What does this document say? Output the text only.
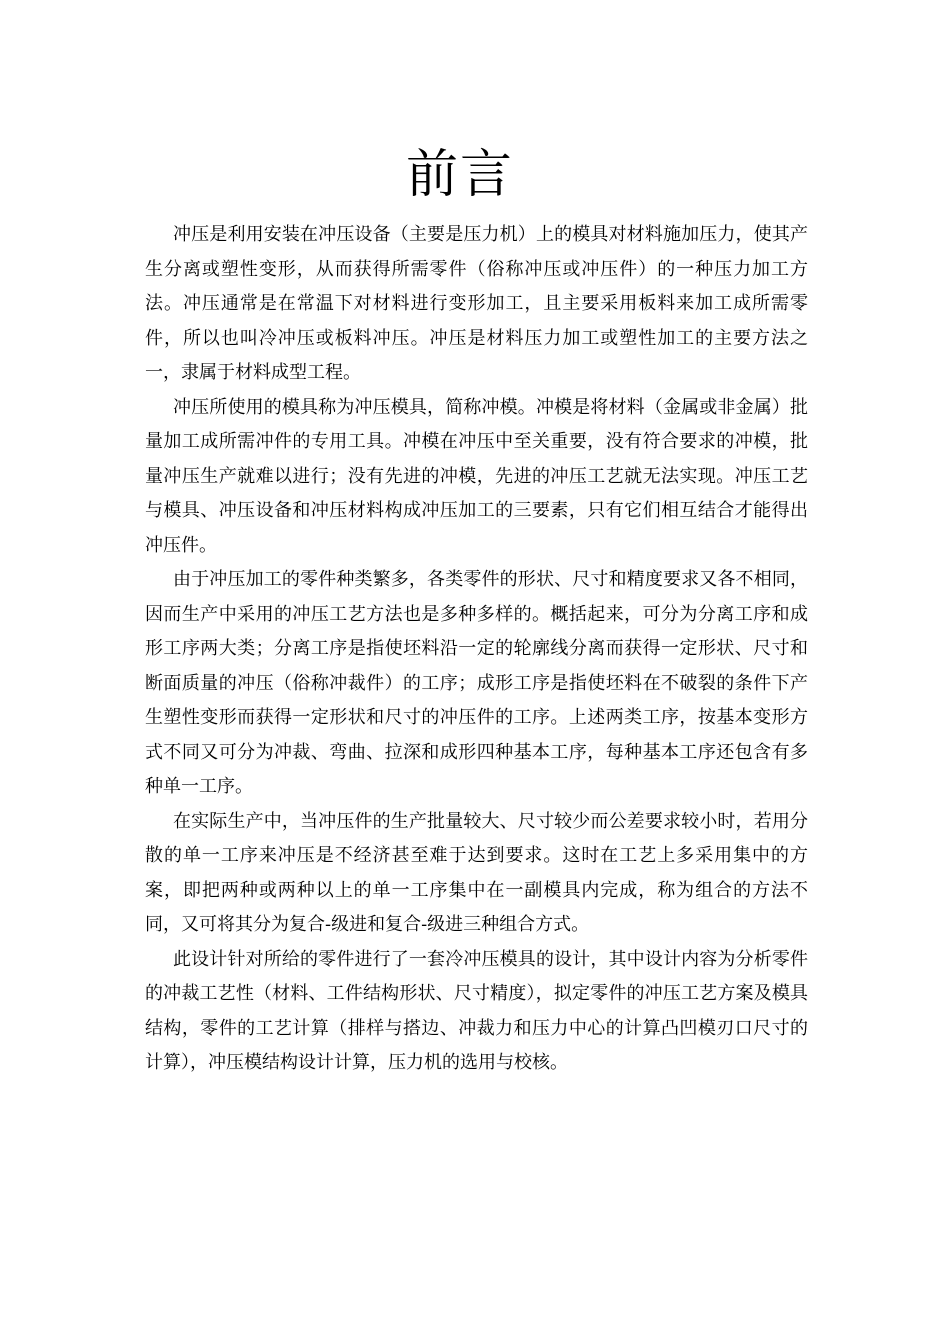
前言

冲压是利用安装在冲压设备（主要是压力机）上的模具对材料施加压力，使其产生分离或塑性变形，从而获得所需零件（俗称冲压或冲压件）的一种压力加工方法。冲压通常是在常温下对材料进行变形加工，且主要采用板料来加工成所需零件，所以也叫冷冲压或板料冲压。冲压是材料压力加工或塑性加工的主要方法之一，隶属于材料成型工程。

冲压所使用的模具称为冲压模具，简称冲模。冲模是将材料（金属或非金属）批量加工成所需冲件的专用工具。冲模在冲压中至关重要，没有符合要求的冲模，批量冲压生产就难以进行；没有先进的冲模，先进的冲压工艺就无法实现。冲压工艺与模具、冲压设备和冲压材料构成冲压加工的三要素，只有它们相互结合才能得出冲压件。

由于冲压加工的零件种类繁多，各类零件的形状、尺寸和精度要求又各不相同，因而生产中采用的冲压工艺方法也是多种多样的。概括起来，可分为分离工序和成形工序两大类；分离工序是指使坯料沿一定的轮廓线分离而获得一定形状、尺寸和断面质量的冲压（俗称冲裁件）的工序；成形工序是指使坯料在不破裂的条件下产生塑性变形而获得一定形状和尺寸的冲压件的工序。上述两类工序，按基本变形方式不同又可分为冲裁、弯曲、拉深和成形四种基本工序，每种基本工序还包含有多种单一工序。

在实际生产中，当冲压件的生产批量较大、尺寸较少而公差要求较小时，若用分散的单一工序来冲压是不经济甚至难于达到要求。这时在工艺上多采用集中的方案，即把两种或两种以上的单一工序集中在一副模具内完成，称为组合的方法不同，又可将其分为复合-级进和复合-级进三种组合方式。

此设计针对所给的零件进行了一套冷冲压模具的设计，其中设计内容为分析零件的冲裁工艺性（材料、工件结构形状、尺寸精度），拟定零件的冲压工艺方案及模具结构，零件的工艺计算（排样与搭边、冲裁力和压力中心的计算凸凹模刃口尺寸的计算），冲压模结构设计计算，压力机的选用与校核。
